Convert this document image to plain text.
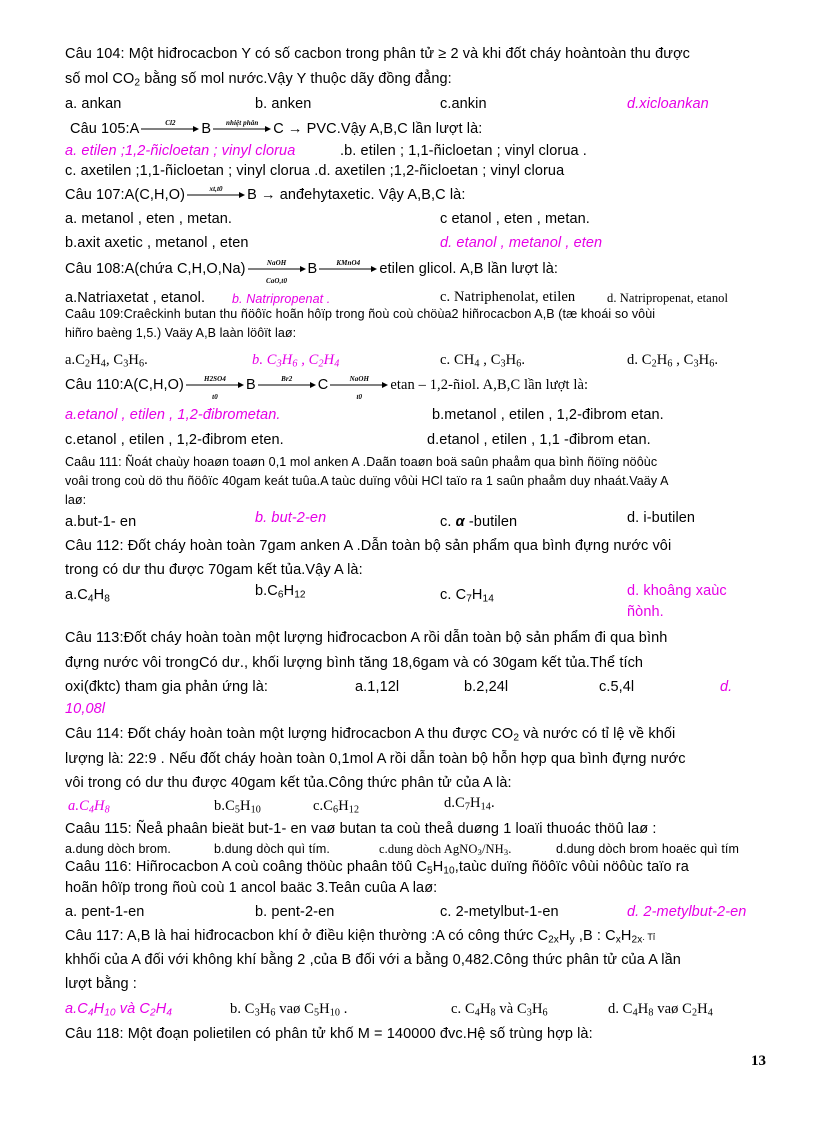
Câu 104: Một hiđrocacbon Y có số cacbon trong phân tử ≥ 2 và khi đốt cháy hoàntoàn thu được
số mol $CO_2$ bằng số mol nước.Vậy Y thuộc dãy đồng đẳng:
a. ankan	b. anken	c.ankin	d.xicloankan
Câu 105:A	Cl2	B	nhiệt phân	C → PVC.Vậy A,B,C lần lượt là:
a. etilen ;1,2-ñicloetan ; vinyl clorua	.b. etilen ; 1,1-ñicloetan ; vinyl clorua .
c. axetilen ;1,1-ñicloetan ; vinyl clorua .d. axetilen ;1,2-ñicloetan ; vinyl clorua
Câu 107:A(C,H,O)	xt,t0	B → anđehytaxetic. Vậy A,B,C là:
a. metanol , eten , metan.	c etanol , eten , metan.
b.axit axetic , metanol , eten	d. etanol , metanol , eten
Câu 108:A(chứa C,H,O,Na)	NaOH
CaO,t0
B	KMnO4	etilen glicol. A,B lần lượt là:
a.Natriaxetat , etanol. b. Natripropenat .	c. Natriphenolat, etilen	d. Natripropenat, etanol
Caâu 109:Craêckinh butan thu ñöôïc hoãn hôïp trong ñoù coù chöùa2 hiñrocacbon A,B (tæ khoái so vôùi
hiñro baèng 1,5.) Vaäy A,B laàn löôït laø:
$a.C_2H_4$, $C_3H_6$.	b. $C_3H_6$ , $C_2H_4$	c. $CH_4$ , $C_3H_6$.	d. $C_2H_6$ , $C_3H_6$.
Câu 110:A(C,H,O)	H2SO4
t0
B	Br2	C	NaOH
t0
etan – 1,2-ñiol. A,B,C lần lượt là:
a.etanol , etilen , 1,2-đibrometan.	b.metanol , etilen , 1,2-đibrom etan.
c.etanol , etilen , 1,2-đibrom eten.	d.etanol , etilen , 1,1 -đibrom etan.
Caâu 111: Ñoát chaùy hoaøn toaøn 0,1 mol anken A .Daãn toaøn boä saûn phaåm qua bình ñöïng nöôùc
voâi trong coù dö thu ñöôïc 40gam keát tuûa.A taùc duïng vôùi HCl taïo ra 1 saûn phaåm duy nhaát.Vaäy A
laø:
a.but-1- en	b. but-2-en	c. α -butilen	d. i-butilen
Câu 112: Đốt cháy hoàn toàn 7gam anken A .Dẫn toàn bộ sản phẩm qua bình đựng nước vôi
trong có dư thu được 70gam kết tủa.Vậy A là:
$a.C_4H_8$
$b.C_6H_{12}$	c. $C_7H_{14}$
d. khoâng xaùc
ñònh.
Câu 113:Đốt cháy hoàn toàn một lượng hiđrocacbon A rồi dẫn toàn bộ sản phẩm đi qua bình
đựng nước vôi trongCó dư., khối lượng bình tăng 18,6gam và có 30gam kết tủa.Thể tích
oxi(đktc) tham gia phản ứng là:	a.1,12l	b.2,24l	c.5,4l	d.
10,08l
Câu 114: Đốt cháy hoàn toàn một lượng hiđrocacbon A thu được $CO_2$ và nước có tỉ lệ về khối
lượng là: 22:9 . Nếu đốt cháy hoàn toàn 0,1mol A rồi dẫn toàn bộ hỗn hợp qua bình đựng nước
vôi trong có dư thu được 40gam kết tủa.Công thức phân tử của A là:
$a.C_4H_8$	$b.C_5H_{10}$	$c.C_6H_{12}$	$d.C_7H_{14}$.
Caâu 115: Ñeå phaân bieät but-1- en vaø butan ta coù theå duøng 1 loaïi thuoác thöû laø :
a.dung dòch brom.	b.dung dòch quì tím.	c.dung dòch $AgNO_3/NH_3$.	d.dung dòch brom hoaëc quì tím
Caâu 116: Hiñrocacbon A coù coâng thöùc phaân töû $C_5H_{10},taùc$ duïng ñöôïc vôùi nöôùc taïo ra
hoãn hôïp trong ñoù coù 1 ancol baäc 3.Teân cuûa A laø:
a. pent-1-en	b. pent-2-en	c. 2-metylbut-1-en	d. 2-metylbut-2-en
Câu 117: A,B là hai hiđrocacbon khí ở điều kiện thường :A có công thức $C_{2x}H_y$ ,B : $C_xH_{2x}$. Tỉ
khhối của A đối với không khí bằng 2 ,của B đối với a bằng 0,482.Công thức phân tử của A lần
lượt bằng :
$a.C_4H_{10}$ và $C_2H_4$	b. $C_3H_6$ vaø $C_5H_{10}$ .	c. $C_4H_8$ và $C_3H_6$	d. $C_4H_8$ vaø $C_2H_4$
Câu 118: Một đoạn polietilen có phân tử khố M = 140000 đvc.Hệ số trùng hợp là:
13
